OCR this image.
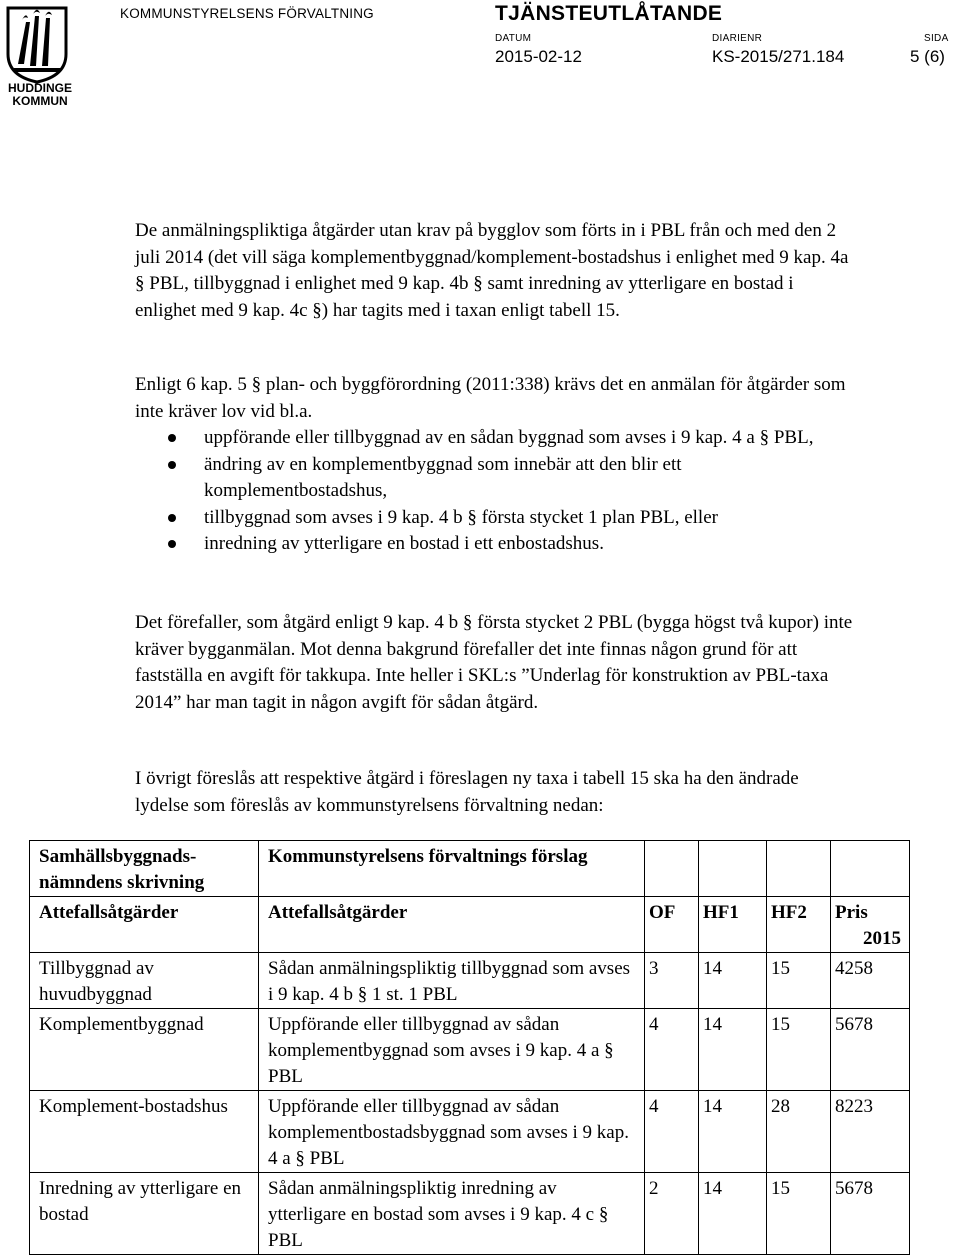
HUDDINGE
KOMMUN
KOMMUNSTYRELSENS FÖRVALTNING	TJÄNSTEUTLÅTANDE
DATUM	DIARIENR	SIDA
2015-02-12	KS-2015/271.184	5 (6)

De anmälningspliktiga åtgärder utan krav på bygglov som förts in i PBL från och med den 2 juli 2014 (det vill säga komplementbyggnad/komplement-bostadshus i enlighet med 9 kap. 4a § PBL, tillbyggnad i enlighet med 9 kap. 4b § samt inredning av ytterligare en bostad i enlighet med 9 kap. 4c §) har tagits med i taxan enligt tabell 15.

Enligt 6 kap. 5 § plan- och byggförordning (2011:338) krävs det en anmälan för åtgärder som inte kräver lov vid bl.a.

uppförande eller tillbyggnad av en sådan byggnad som avses i 9 kap. 4 a § PBL,
ändring av en komplementbyggnad som innebär att den blir ett komplementbostadshus,
tillbyggnad som avses i 9 kap. 4 b § första stycket 1 plan PBL, eller
inredning av ytterligare en bostad i ett enbostadshus.

Det förefaller, som åtgärd enligt 9 kap. 4 b § första stycket 2 PBL (bygga högst två kupor) inte kräver bygganmälan. Mot denna bakgrund förefaller det inte finnas någon grund för att fastställa en avgift för takkupa. Inte heller i SKL:s ”Underlag för konstruktion av PBL-taxa 2014” har man tagit in någon avgift för sådan åtgärd.

I övrigt föreslås att respektive åtgärd i föreslagen ny taxa i tabell 15 ska ha den ändrade lydelse som föreslås av kommunstyrelsens förvaltning nedan:

Samhällsbyggnads-nämndens skrivning	Kommunstyrelsens förvaltnings förslag				
Attefallsåtgärder	Attefallsåtgärder	OF	HF1	HF2	Pris
2015

Tillbyggnad av huvudbyggnad	Sådan anmälningspliktig tillbyggnad som avses i 9 kap. 4 b § 1 st. 1 PBL	3	14	15	4258
Komplementbyggnad	Uppförande eller tillbyggnad av sådan komplementbyggnad som avses i 9 kap. 4 a § PBL	4	14	15	5678
Komplement-bostadshus	Uppförande eller tillbyggnad av sådan komplementbostadsbyggnad som avses i 9 kap. 4 a § PBL	4	14	28	8223
Inredning av ytterligare en bostad	Sådan anmälningspliktig inredning av ytterligare en bostad som avses i 9 kap. 4 c § PBL	2	14	15	5678
